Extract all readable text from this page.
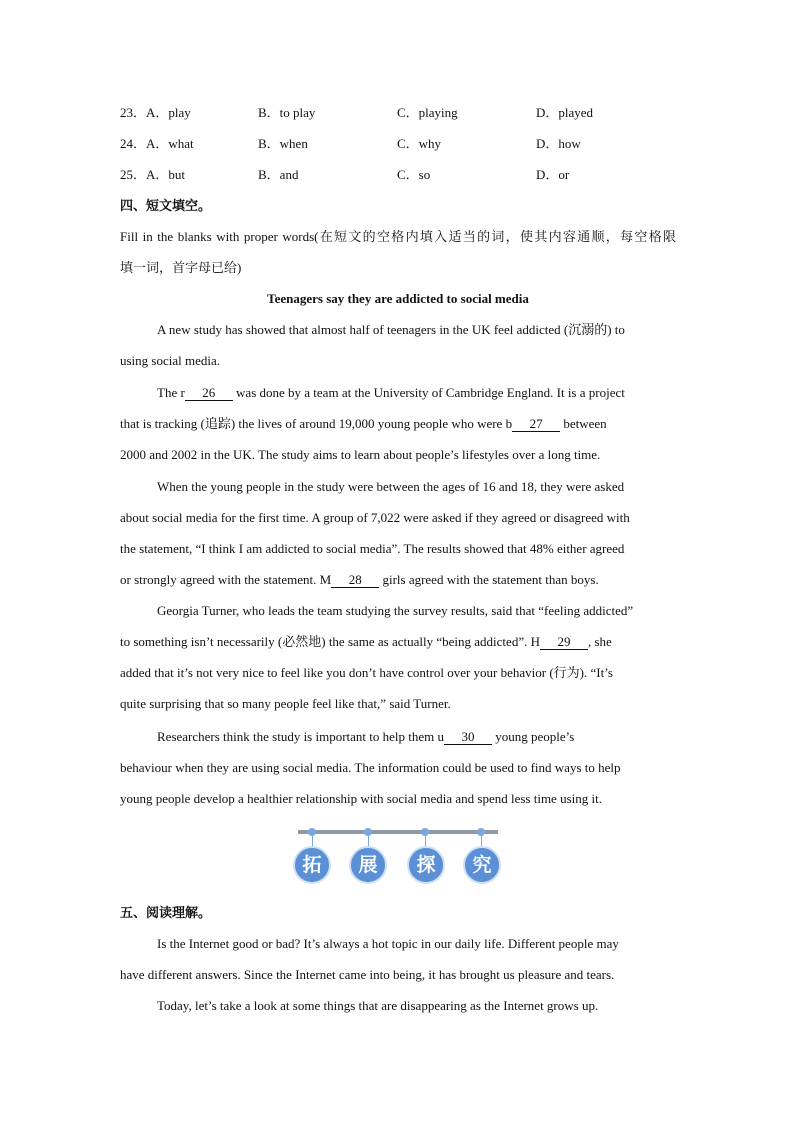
23．A．play	B．to play	C．playing	D．played
24．A．what	B．when	C．why	D．how
25．A．but	B．and	C．so	D．or
四、短文填空。
Fill in the blanks with proper words(在短文的空格内填入适当的词，使其内容通顺，每空格限
填一词，首字母已给)
Teenagers say they are addicted to social media
A new study has showed that almost half of teenagers in the UK feel addicted (沉溺的) to
using social media.
The r 26 was done by a team at the University of Cambridge England. It is a project
that is tracking (追踪) the lives of around 19,000 young people who were b 27 between
2000 and 2002 in the UK. The study aims to learn about people’s lifestyles over a long time.
When the young people in the study were between the ages of 16 and 18, they were asked
about social media for the first time. A group of 7,022 were asked if they agreed or disagreed with
the statement, “I think I am addicted to social media”. The results showed that 48% either agreed
or strongly agreed with the statement. M 28 girls agreed with the statement than boys.
Georgia Turner, who leads the team studying the survey results, said that “feeling addicted”
to something isn’t necessarily (必然地) the same as actually “being addicted”. H 29 , she
added that it’s not very nice to feel like you don’t have control over your behavior (行为). “It’s
quite surprising that so many people feel like that,” said Turner.
Researchers think the study is important to help them u 30 young people’s
behaviour when they are using social media. The information could be used to find ways to help
young people develop a healthier relationship with social media and spend less time using it.
拓	展	探	究
五、阅读理解。
Is the Internet good or bad? It’s always a hot topic in our daily life. Different people may
have different answers. Since the Internet came into being, it has brought us pleasure and tears.
Today, let’s take a look at some things that are disappearing as the Internet grows up.
